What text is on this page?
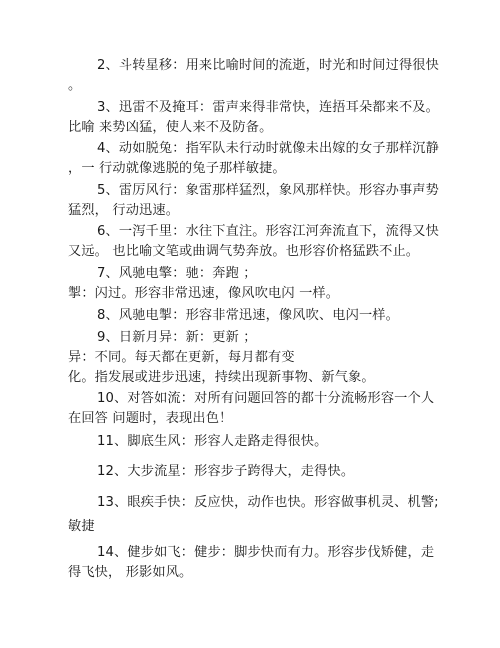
2、斗转星移：用来比喻时间的流逝，时光和时间过得很快
。
3、迅雷不及掩耳：雷声来得非常快，连捂耳朵都来不及。
比喻 来势凶猛，使人来不及防备。
4、动如脱兔：指军队未行动时就像未出嫁的女子那样沉静
，一 行动就像逃脱的兔子那样敏捷。
5、雷厉风行：象雷那样猛烈，象风那样快。形容办事声势
猛烈， 行动迅速。
6、一泻千里：水往下直注。形容江河奔流直下，流得又快
又远。 也比喻文笔或曲调气势奔放。也形容价格猛跌不止。
7、风驰电擎：驰：奔跑 ；
掣：闪过。形容非常迅速，像风吹电闪 一样。
8、风驰电掣：形容非常迅速，像风吹、电闪一样。
9、日新月异：新：更新 ；
异：不同。每天都在更新，每月都有变
化。指发展或进步迅速，持续出现新事物、新气象。
10、对答如流：对所有问题回答的都十分流畅形容一个人
在回答 问题时，表现出色！
11、脚底生风：形容人走路走得很快。
12、大步流星：形容步子跨得大，走得快。
13、眼疾手快：反应快，动作也快。形容做事机灵、机警;
敏捷
14、健步如飞：健步：脚步快而有力。形容步伐矫健，走
得飞快， 形影如风。
